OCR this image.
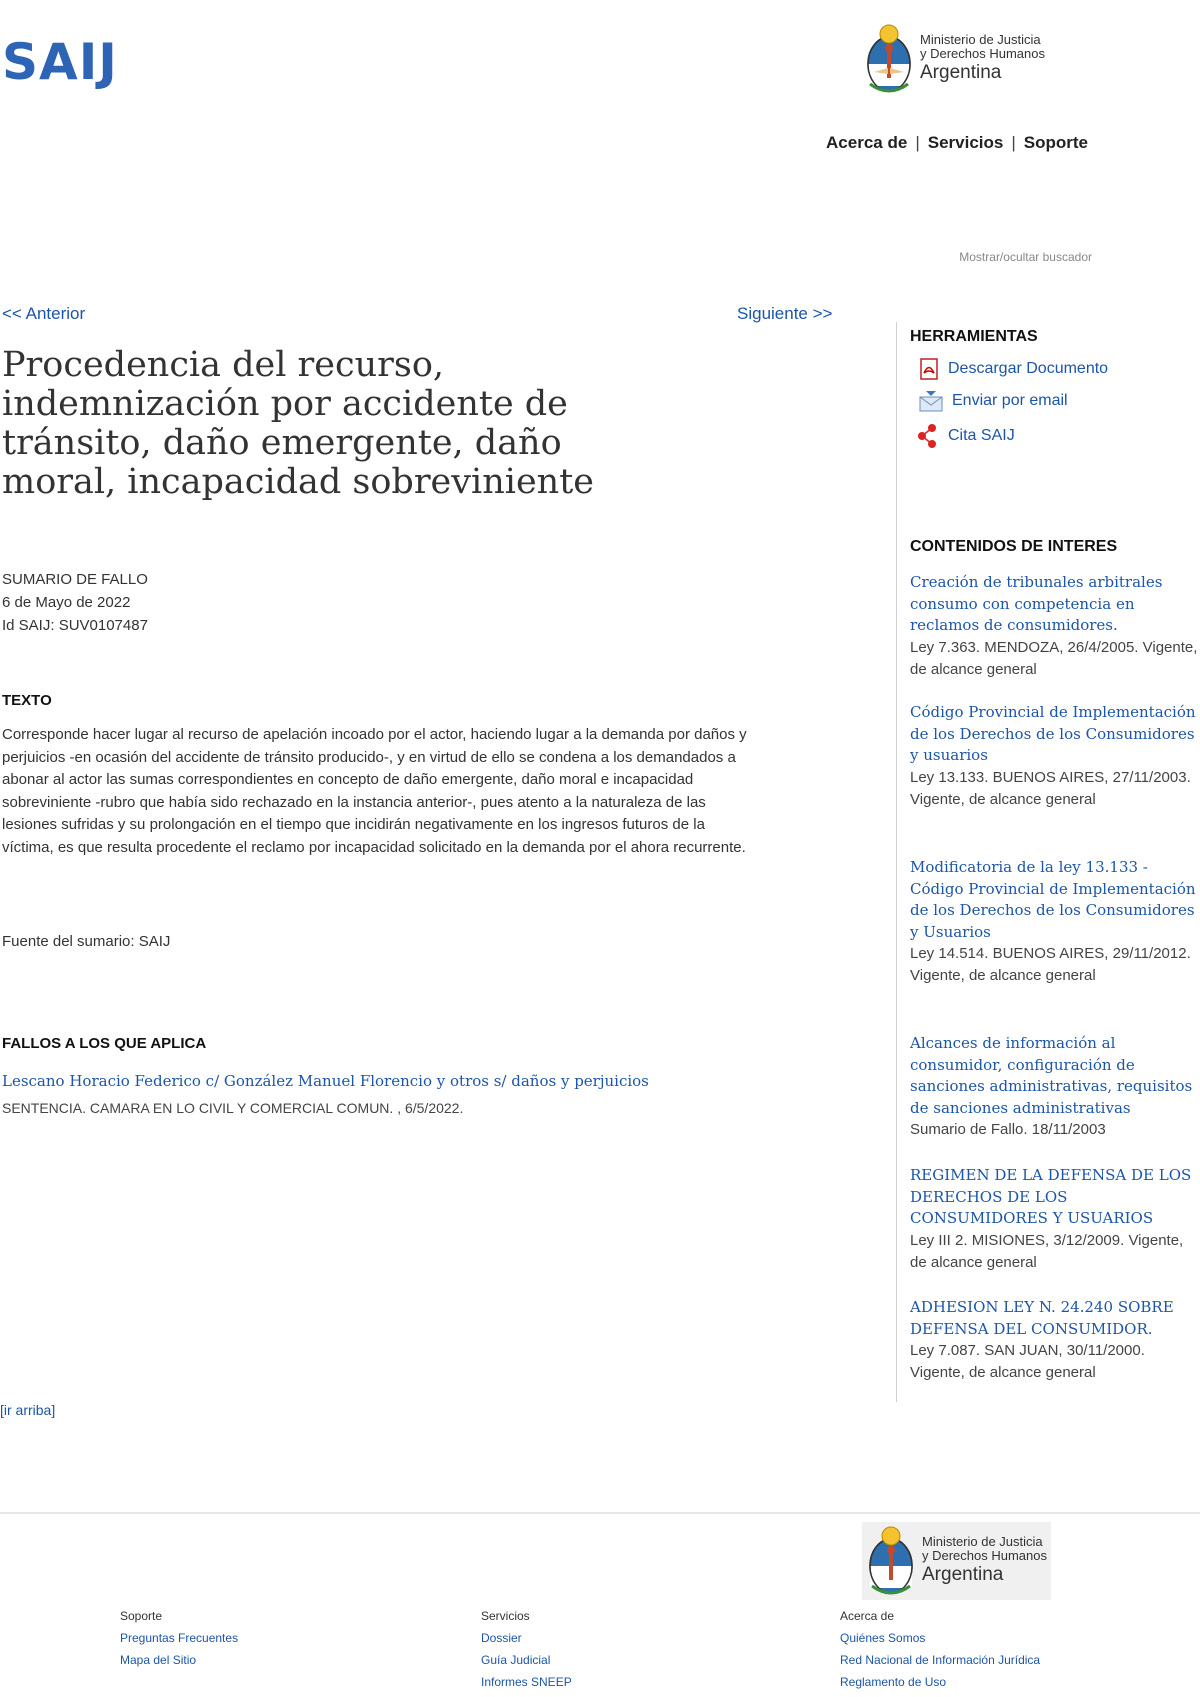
SAIJ	Ministerio de Justicia
y Derechos Humanos
Argentina
Acerca de | Servicios | Soporte
Mostrar/ocultar buscador
<< Anterior	Siguiente >>
Procedencia del recurso, indemnización por accidente de tránsito, daño emergente, daño moral, incapacidad sobreviniente
SUMARIO DE FALLO
6 de Mayo de 2022
Id SAIJ: SUV0107487
TEXTO
Corresponde hacer lugar al recurso de apelación incoado por el actor, haciendo lugar a la demanda por daños y perjuicios -en ocasión del accidente de tránsito producido-, y en virtud de ello se condena a los demandados a abonar al actor las sumas correspondientes en concepto de daño emergente, daño moral e incapacidad sobreviniente -rubro que había sido rechazado en la instancia anterior-, pues atento a la naturaleza de las lesiones sufridas y su prolongación en el tiempo que incidirán negativamente en los ingresos futuros de la víctima, es que resulta procedente el reclamo por incapacidad solicitado en la demanda por el ahora recurrente.
Fuente del sumario: SAIJ
FALLOS A LOS QUE APLICA
Lescano Horacio Federico c/ González Manuel Florencio y otros s/ daños y perjuicios
SENTENCIA. CAMARA EN LO CIVIL Y COMERCIAL COMUN. , 6/5/2022.
[ir arriba]
HERRAMIENTAS
Descargar Documento
Enviar por email
Cita SAIJ
CONTENIDOS DE INTERES
Creación de tribunales arbitrales consumo con competencia en reclamos de consumidores.
Ley 7.363. MENDOZA, 26/4/2005. Vigente, de alcance general
Código Provincial de Implementación de los Derechos de los Consumidores y usuarios
Ley 13.133. BUENOS AIRES, 27/11/2003. Vigente, de alcance general
Modificatoria de la ley 13.133 - Código Provincial de Implementación de los Derechos de los Consumidores y Usuarios
Ley 14.514. BUENOS AIRES, 29/11/2012. Vigente, de alcance general
Alcances de información al consumidor, configuración de sanciones administrativas, requisitos de sanciones administrativas
Sumario de Fallo. 18/11/2003
REGIMEN DE LA DEFENSA DE LOS DERECHOS DE LOS CONSUMIDORES Y USUARIOS
Ley III 2. MISIONES, 3/12/2009. Vigente, de alcance general
ADHESION LEY N. 24.240 SOBRE DEFENSA DEL CONSUMIDOR.
Ley 7.087. SAN JUAN, 30/11/2000. Vigente, de alcance general
Ministerio de Justicia
y Derechos Humanos
Argentina
Soporte
Preguntas Frecuentes
Mapa del Sitio
Servicios
Dossier
Guía Judicial
Informes SNEEP
Acerca de
Quiénes Somos
Red Nacional de Información Jurídica
Reglamento de Uso
